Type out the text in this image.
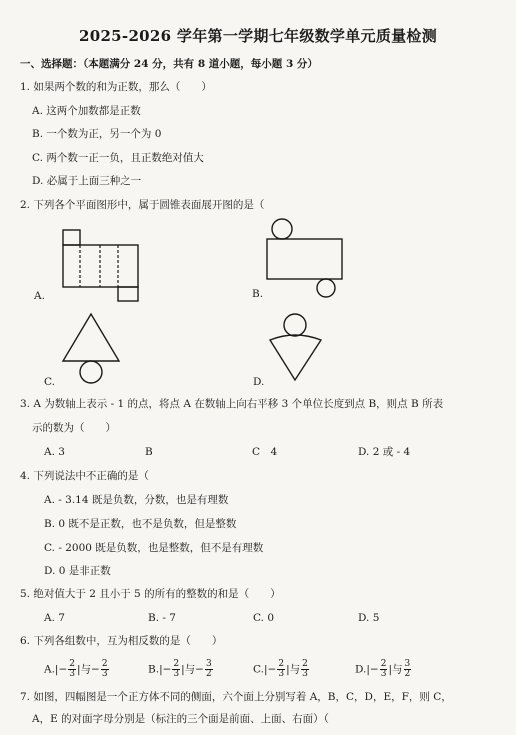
2025-2026 学年第一学期七年级数学单元质量检测
一、选择题：（本题满分 24 分，共有 8 道小题，每小题 3 分）
1. 如果两个数的和为正数，那么（　　）
A. 这两个加数都是正数
B. 一个数为正，另一个为 0
C. 两个数一正一负，且正数绝对值大
D. 必属于上面三种之一
2. 下列各个平面图形中，属于圆锥表面展开图的是（
A.	B.
C.	D.
3. A 为数轴上表示 - 1 的点，将点 A 在数轴上向右平移 3 个单位长度到点 B，则点 B 所表
示的数为（　　）
A. 3	B	C　4	D. 2 或 - 4
4. 下列说法中不正确的是（
A. - 3.14 既是负数，分数，也是有理数
B. 0 既不是正数，也不是负数，但是整数
C. - 2000 既是负数，也是整数，但不是有理数
D. 0 是非正数
5. 绝对值大于 2 且小于 5 的所有的整数的和是（　　）
A. 7	B. - 7	C. 0	D. 5
6. 下列各组数中，互为相反数的是（　　）
$A.|- \frac{2}{3}$ |与− $\frac{2}{3}$	$B.|- \frac{2}{3}$ |与− $\frac{3}{2}$	$C.|- \frac{2}{3}$ |与 $\frac{2}{3}$	$D.|- \frac{2}{3}$ |与 $\frac{3}{2}$
7. 如图，四幅图是一个正方体不同的侧面，六个面上分别写着 A，B，C，D，E，F，则 C，
A，E 的对面字母分别是（标注的三个面是前面、上面、右面）（
